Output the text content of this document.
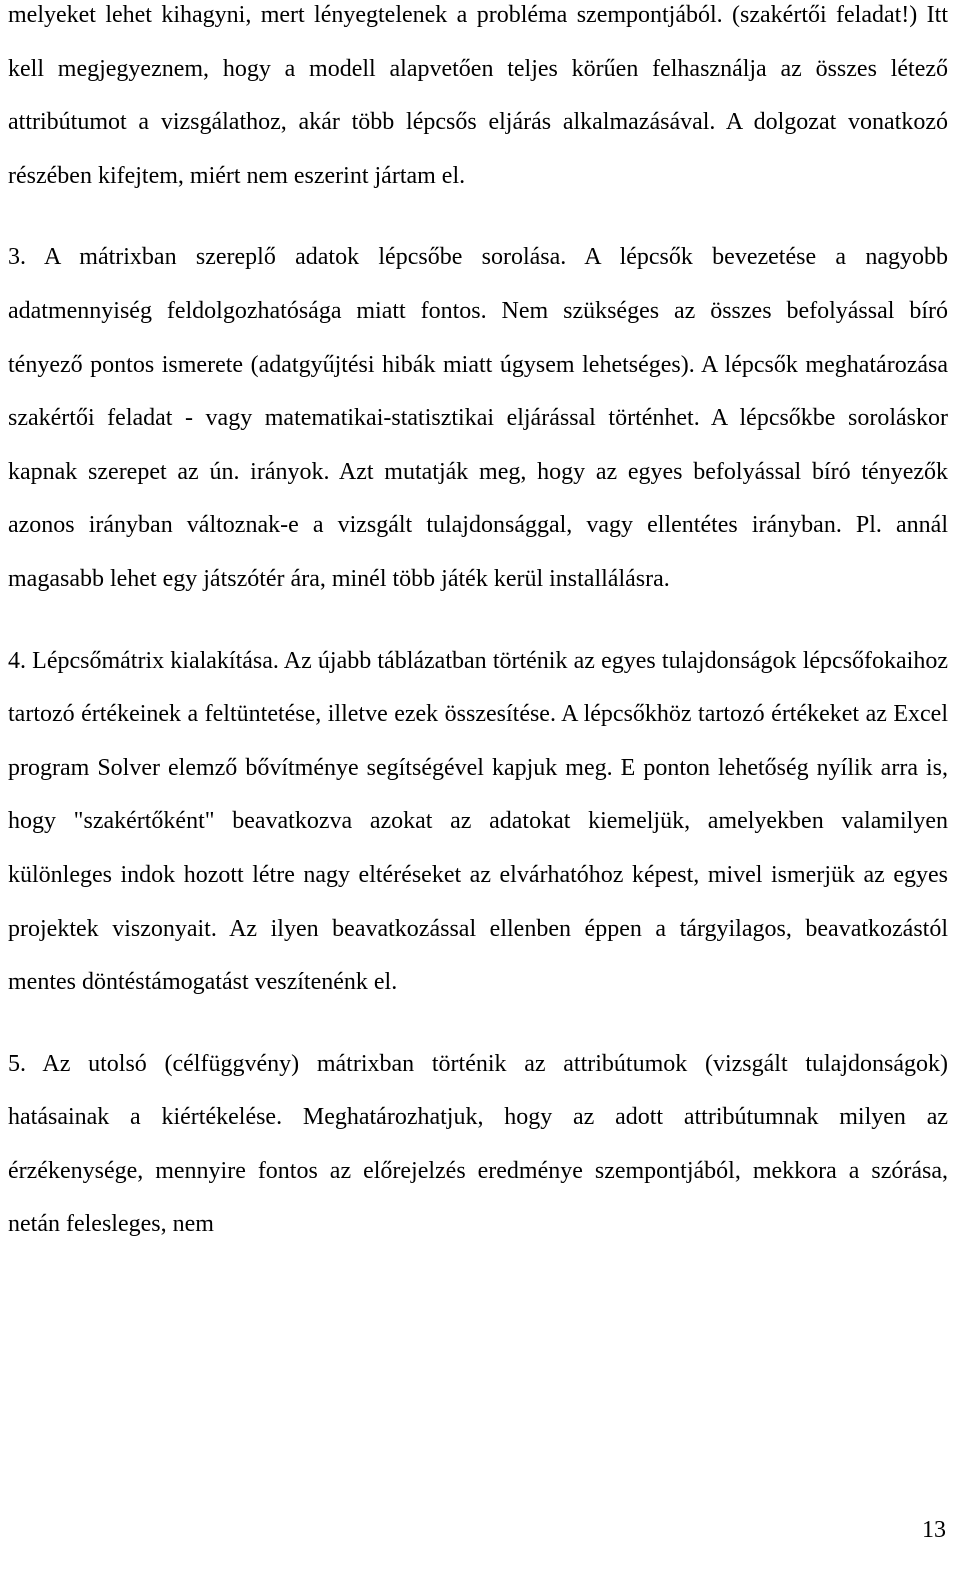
melyeket lehet kihagyni, mert lényegtelenek a probléma szempontjából. (szakértői feladat!) Itt kell megjegyeznem, hogy a modell alapvetően teljes körűen felhasználja az összes létező attribútumot a vizsgálathoz, akár több lépcsős eljárás alkalmazásával. A dolgozat vonatkozó részében kifejtem, miért nem eszerint jártam el.

3. A mátrixban szereplő adatok lépcsőbe sorolása. A lépcsők bevezetése a nagyobb adatmennyiség feldolgozhatósága miatt fontos. Nem szükséges az összes befolyással bíró tényező pontos ismerete (adatgyűjtési hibák miatt úgysem lehetséges). A lépcsők meghatározása szakértői feladat - vagy matematikai-statisztikai eljárással történhet. A lépcsőkbe soroláskor kapnak szerepet az ún. irányok. Azt mutatják meg, hogy az egyes befolyással bíró tényezők azonos irányban változnak-e a vizsgált tulajdonsággal, vagy ellentétes irányban. Pl. annál magasabb lehet egy játszótér ára, minél több játék kerül installálásra.

4. Lépcsőmátrix kialakítása. Az újabb táblázatban történik az egyes tulajdonságok lépcsőfokaihoz tartozó értékeinek a feltüntetése, illetve ezek összesítése. A lépcsőkhöz tartozó értékeket az Excel program Solver elemző bővítménye segítségével kapjuk meg. E ponton lehetőség nyílik arra is, hogy "szakértőként" beavatkozva azokat az adatokat kiemeljük, amelyekben valamilyen különleges indok hozott létre nagy eltéréseket az elvárhatóhoz képest, mivel ismerjük az egyes projektek viszonyait. Az ilyen beavatkozással ellenben éppen a tárgyilagos, beavatkozástól mentes döntéstámogatást veszítenénk el.

5. Az utolsó (célfüggvény) mátrixban történik az attribútumok (vizsgált tulajdonságok) hatásainak a kiértékelése. Meghatározhatjuk, hogy az adott attribútumnak milyen az érzékenysége, mennyire fontos az előrejelzés eredménye szempontjából, mekkora a szórása, netán felesleges, nem

13
